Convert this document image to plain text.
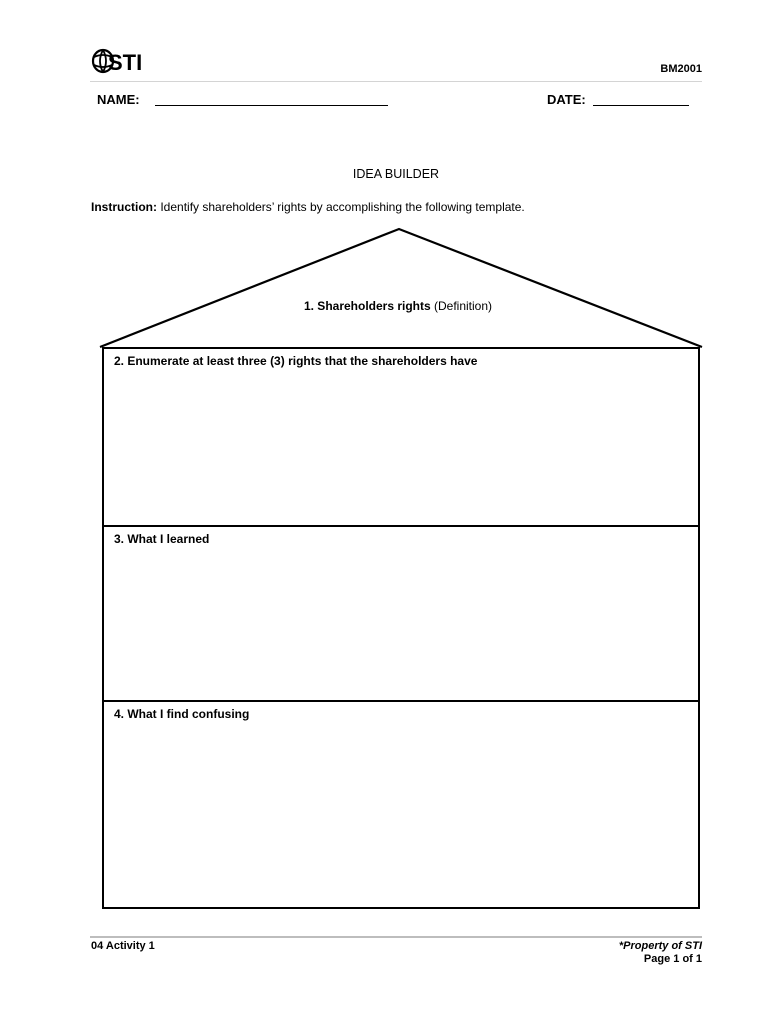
STI	BM2001
NAME:	DATE:
IDEA BUILDER
Instruction: Identify shareholders’ rights by accomplishing the following template.
1. Shareholders rights (Definition)
2. Enumerate at least three (3) rights that the shareholders have
3. What I learned
4. What I find confusing
04 Activity 1	*Property of STI
Page 1 of 1
